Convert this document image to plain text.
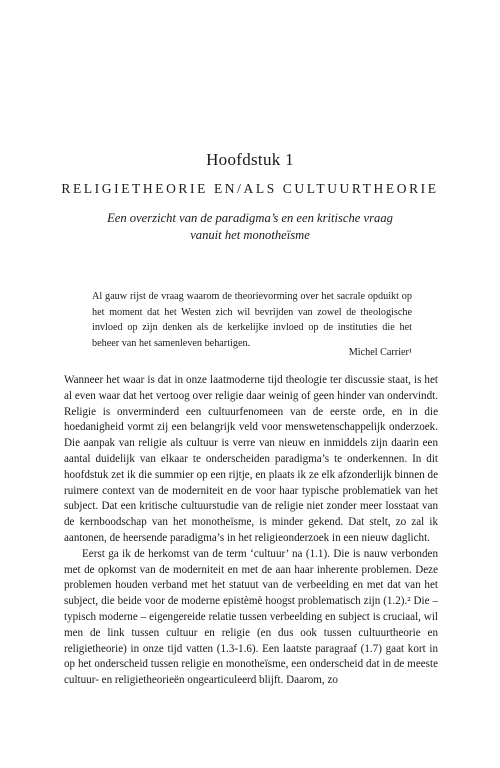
Hoofdstuk 1
RELIGIETHEORIE EN/ALS CULTUURTHEORIE
Een overzicht van de paradigma’s en een kritische vraag
vanuit het monotheïsme
Al gauw rijst de vraag waarom de theorievorming over het sacrale opduikt op het moment dat het Westen zich wil bevrijden van zowel de theologische invloed op zijn denken als de kerkelijke invloed op de instituties die het beheer van het samenleven behartigen.
Michel Carrier¹

Wanneer het waar is dat in onze laatmoderne tijd theologie ter discussie staat, is het al even waar dat het vertoog over religie daar weinig of geen hinder van ondervindt. Religie is onverminderd een cultuurfenomeen van de eerste orde, en in die hoedanigheid vormt zij een belangrijk veld voor menswetenschappelijk onderzoek. Die aanpak van religie als cultuur is verre van nieuw en inmiddels zijn daarin een aantal duidelijk van elkaar te onderscheiden paradigma’s te onderkennen. In dit hoofdstuk zet ik die summier op een rijtje, en plaats ik ze elk afzonderlijk binnen de ruimere context van de moderniteit en de voor haar typische problematiek van het subject. Dat een kritische cultuurstudie van de religie niet zonder meer losstaat van de kernboodschap van het monotheïsme, is minder gekend. Dat stelt, zo zal ik aantonen, de heersende paradigma’s in het religieonderzoek in een nieuw daglicht.

Eerst ga ik de herkomst van de term ‘cultuur’ na (1.1). Die is nauw verbonden met de opkomst van de moderniteit en met de aan haar inherente problemen. Deze problemen houden verband met het statuut van de verbeelding en met dat van het subject, die beide voor de moderne epistèmè hoogst problematisch zijn (1.2).² Die – typisch moderne – eigengereide relatie tussen verbeelding en subject is cruciaal, wil men de link tussen cultuur en religie (en dus ook tussen cultuurtheorie en religietheorie) in onze tijd vatten (1.3-1.6). Een laatste paragraaf (1.7) gaat kort in op het onderscheid tussen religie en monotheïsme, een onderscheid dat in de meeste cultuur- en religietheorieën ongearticuleerd blijft. Daarom, zo
